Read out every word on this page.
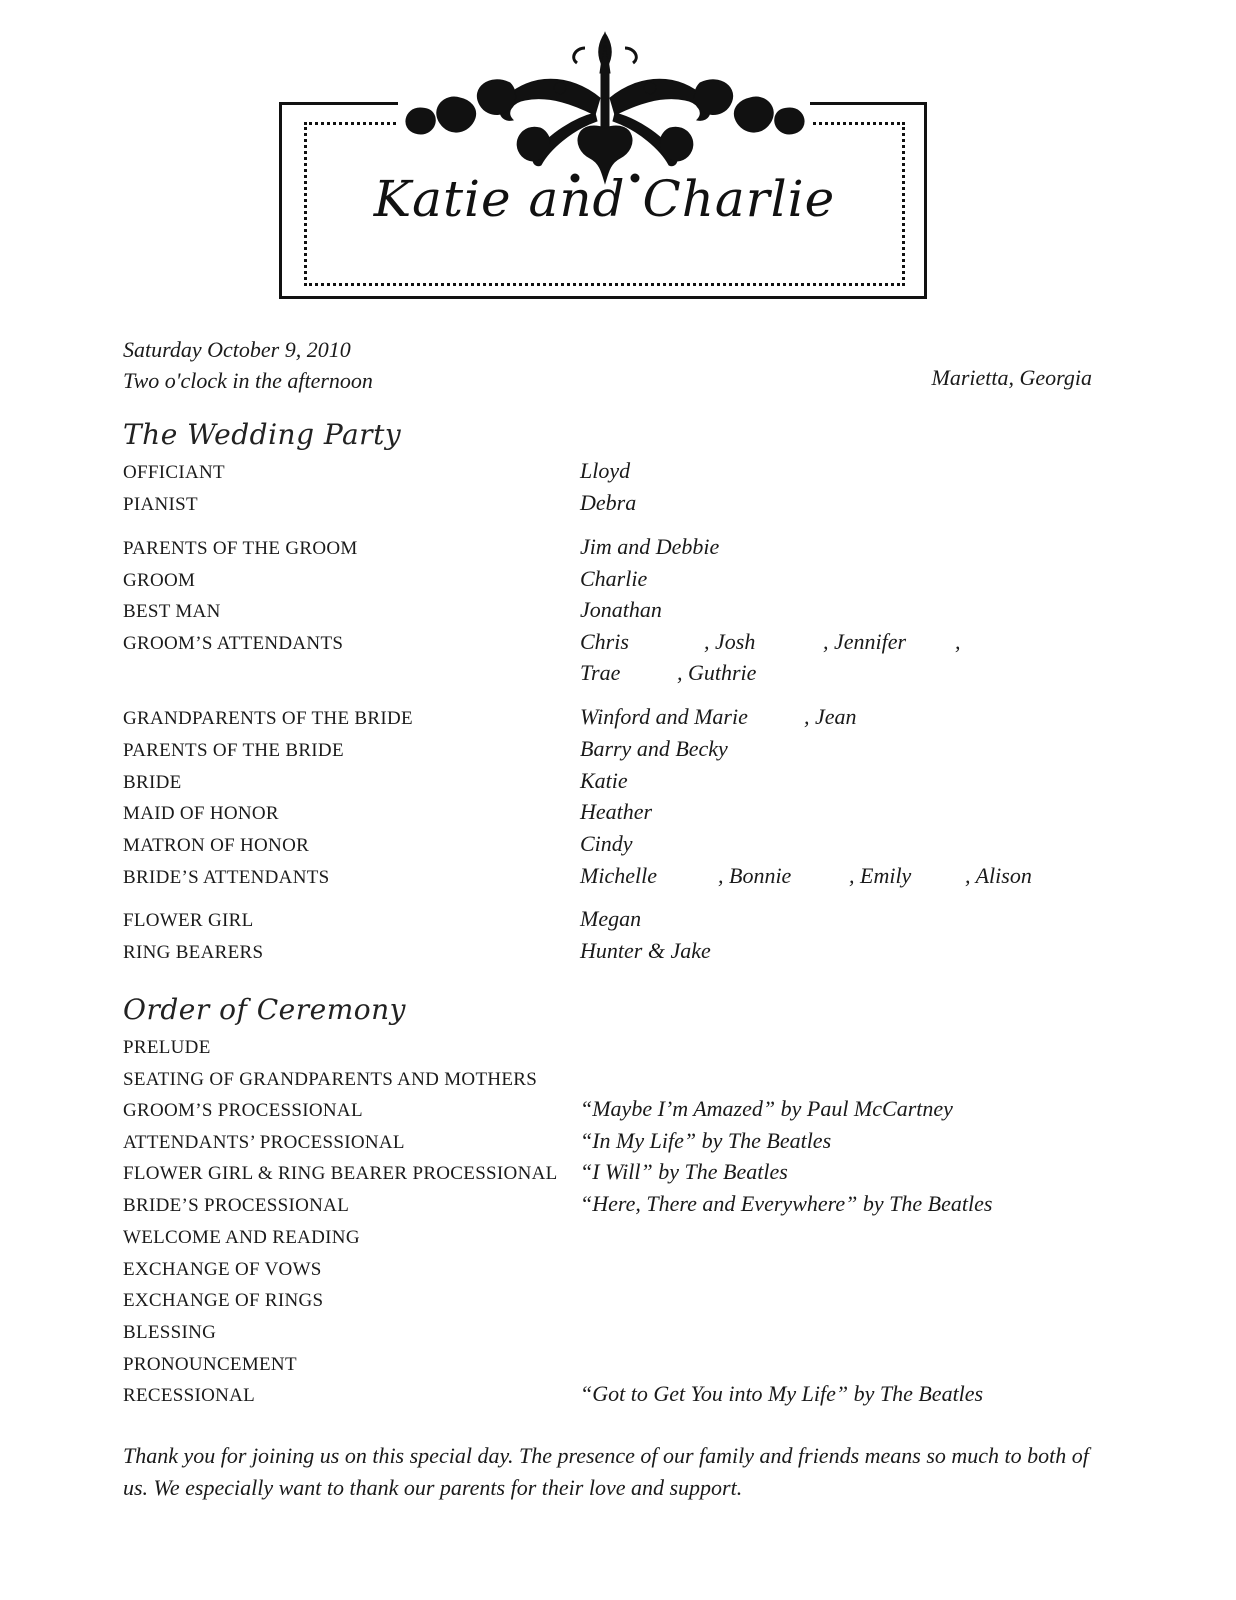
Katie and Charlie
Saturday October 9, 2010
Two o'clock in the afternoon	Marietta, Georgia
The Wedding Party
OFFICIANT	Lloyd
PIANIST	Debra
PARENTS OF THE GROOM	Jim and Debbie
GROOM	Charlie
BEST MAN	Jonathan
GROOM’S ATTENDANTS	Chris	, Josh	, Jennifer ,
Trae	, Guthrie
GRANDPARENTS OF THE BRIDE	Winford and Marie	, Jean
PARENTS OF THE BRIDE	Barry and Becky
BRIDE	Katie
MAID OF HONOR	Heather
MATRON OF HONOR	Cindy
BRIDE’S ATTENDANTS	Michelle	, Bonnie	, Emily , Alison
FLOWER GIRL	Megan
RING BEARERS	Hunter & Jake
Order of Ceremony
PRELUDE
SEATING OF GRANDPARENTS AND MOTHERS
GROOM’S PROCESSIONAL	“Maybe I’m Amazed” by Paul McCartney
ATTENDANTS’ PROCESSIONAL	“In My Life” by The Beatles
FLOWER GIRL & RING BEARER PROCESSIONAL “I Will” by The Beatles
BRIDE’S PROCESSIONAL	“Here, There and Everywhere” by The Beatles
WELCOME AND READING
EXCHANGE OF VOWS
EXCHANGE OF RINGS
BLESSING
PRONOUNCEMENT
RECESSIONAL	“Got to Get You into My Life” by The Beatles
Thank you for joining us on this special day. The presence of our family and friends means so much to both of us. We especially want to thank our parents for their love and support.
